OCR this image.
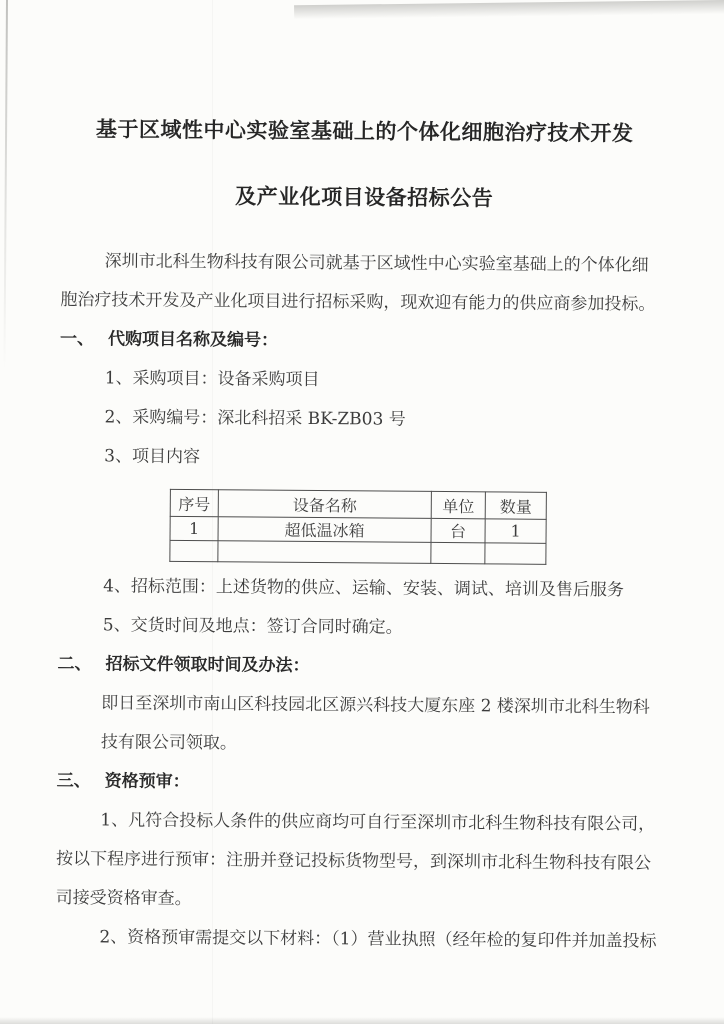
基于区域性中心实验室基础上的个体化细胞治疗技术开发
及产业化项目设备招标公告
深圳市北科生物科技有限公司就基于区域性中心实验室基础上的个体化细
胞治疗技术开发及产业化项目进行招标采购，现欢迎有能力的供应商参加投标。
一、 代购项目名称及编号：
1、采购项目：设备采购项目
2、采购编号：深北科招采 BK-ZB03 号
3、项目内容
序号	设备名称	单位	数量
1	超低温冰箱	台	1

4、招标范围：上述货物的供应、运输、安装、调试、培训及售后服务
5、交货时间及地点：签订合同时确定。
二、 招标文件领取时间及办法：
即日至深圳市南山区科技园北区源兴科技大厦东座 2 楼深圳市北科生物科
技有限公司领取。
三、 资格预审：
1、凡符合投标人条件的供应商均可自行至深圳市北科生物科技有限公司，
按以下程序进行预审：注册并登记投标货物型号，到深圳市北科生物科技有限公
司接受资格审查。
2、资格预审需提交以下材料：（1）营业执照（经年检的复印件并加盖投标
